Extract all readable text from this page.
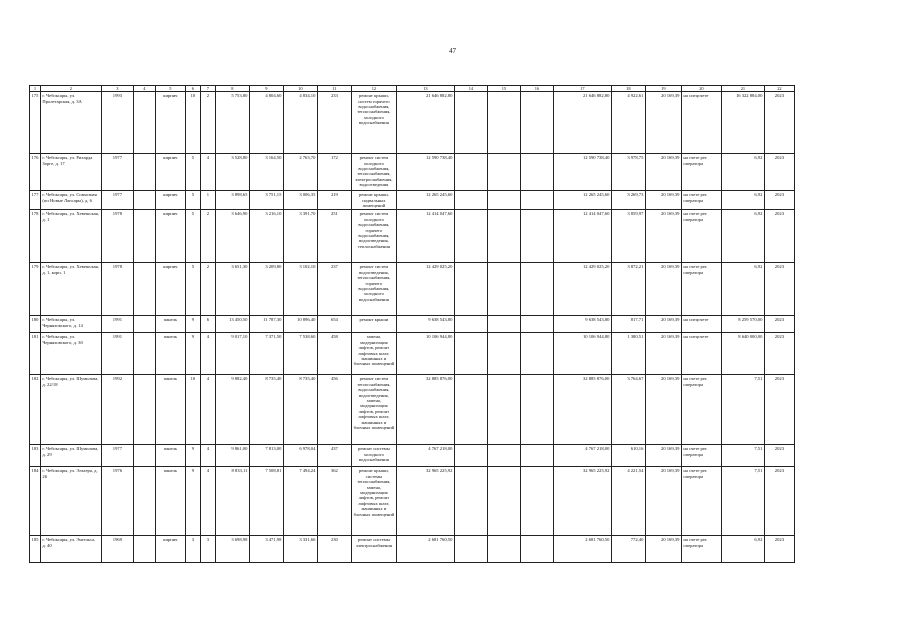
47
1	2	3	4	5	6	7	8	9	10	11	12	13	14	15	16	17	18	19	20	21	22
175	г. Чебоксары, ул. Пролетарская, д. 3А	1993		кирпич	10	2	5 753,80	4 804,60	4 834,10	233	ремонт крыши, систем горячего водоснабжения, теплоснабжения, холодного водоснабжения	21 646 882,80				21 646 882,80	4 922,61	20 169,39	на спецсчете	16 322 884,00	2023
176	г. Чебоксары, ул. Рихарда Зорге, д. 17	1977		кирпич	5	4	3 528,80	3 164,50	2 763,70	172	ремонт систем холодного водоснабжения, теплоснабжения, электроснабжения, водоотведения	12 590 738,40				12 590 738,40	3 978,75	20 169,39	на счете рег. оператора	6,92	2023
177	г. Чебоксары, ул. Совхозная (пп Новые Лапсары), д. 6	1977		кирпич	5	1	3 898,65	3 751,15	3 006,35	219	ремонт крыши, подвальных помещений	12 265 245,60				12 265 245,60	3 269,73	20 169,39	на счете рег. оператора	6,92	2023
178	г. Чебоксары, ул. Хевешская, д. 1	1978		кирпич	5	2	3 646,90	3 216,10	3 391,70	251	ремонт систем холодного водоснабжения, горячего водоснабжения, водоотведения, теплоснабжения	12 414 047,60				12 414 047,60	3 859,97	20 169,39	на счете рег. оператора	6,92	2023
179	г. Чебоксары, ул. Хевешская, д. 1, корп. 1	1978		кирпич	5	2	3 651,30	3 209,80	3 102,10	237	ремонт систем водоотведения, теплоснабжения, горячего водоснабжения, холодного водоснабжения	12 429 025,20				12 429 025,20	3 872,21	20 169,39	на счете рег. оператора	6,92	2023
180	г. Чебоксары, ул. Черняховского, д. 14	1991		панель	9	6	13 450,50	11 787,30	10 896,40	654	ремонт крыши	9 638 543,80				9 638 543,80	817,71	20 169,39	на спецсчете	8 259 570,00	2023
181	г. Чебоксары, ул. Черняховского, д. 30	1991		панель	9	4	9 017,10	7 371,50	7 538,60	458	замена, модернизация лифтов, ремонт лифтовых шахт, машинных и блочных помещений	10 106 944,80				10 106 944,80	1 380,51	20 169,39	на спецсчете	8 640 000,00	2023
182	г. Чебоксары, ул. Шумилова, д. 22/18	1992		панель	10	4	9 882,40	8 735,40	8 735,40	456	ремонт систем теплоснабжения, водоснабжения, водоотведения, замена, модернизация лифтов, ремонт лифтовых шахт, машинных и блочных помещений	32 885 876,00				32 885 876,00	3 764,67	20 169,39	на счете рег. оператора	7,51	2023
183	г. Чебоксары, ул. Шумилова, д. 29	1977		панель	9	4	9 861,00	7 813,00	6 978,04	437	ремонт системы холодного водоснабжения	4 767 218,00				4 767 218,00	610,16	20 169,39	на счете рег. оператора	7,51	2023
184	г. Чебоксары, ул. Эльгера, д. 26	1976		панель	9	4	8 833,11	7 508,81	7 494,24	362	ремонт крыши, системы теплоснабжения, замена, модернизация лифтов, ремонт лифтовых шахт, машинных и блочных помещений	32 965 225,92				32 965 225,92	4 221,54	20 169,39	на счете рег. оператора	7,51	2023
185	г. Чебоксары, ул. Энгельса, д. 40	1969		кирпич	3	3	3 698,98	3 471,98	3 331,66	230	ремонт системы электроснабжения	2 681 760,50				2 681 760,50	772,40	20 169,39	на счете рег. оператора	6,92	2023
